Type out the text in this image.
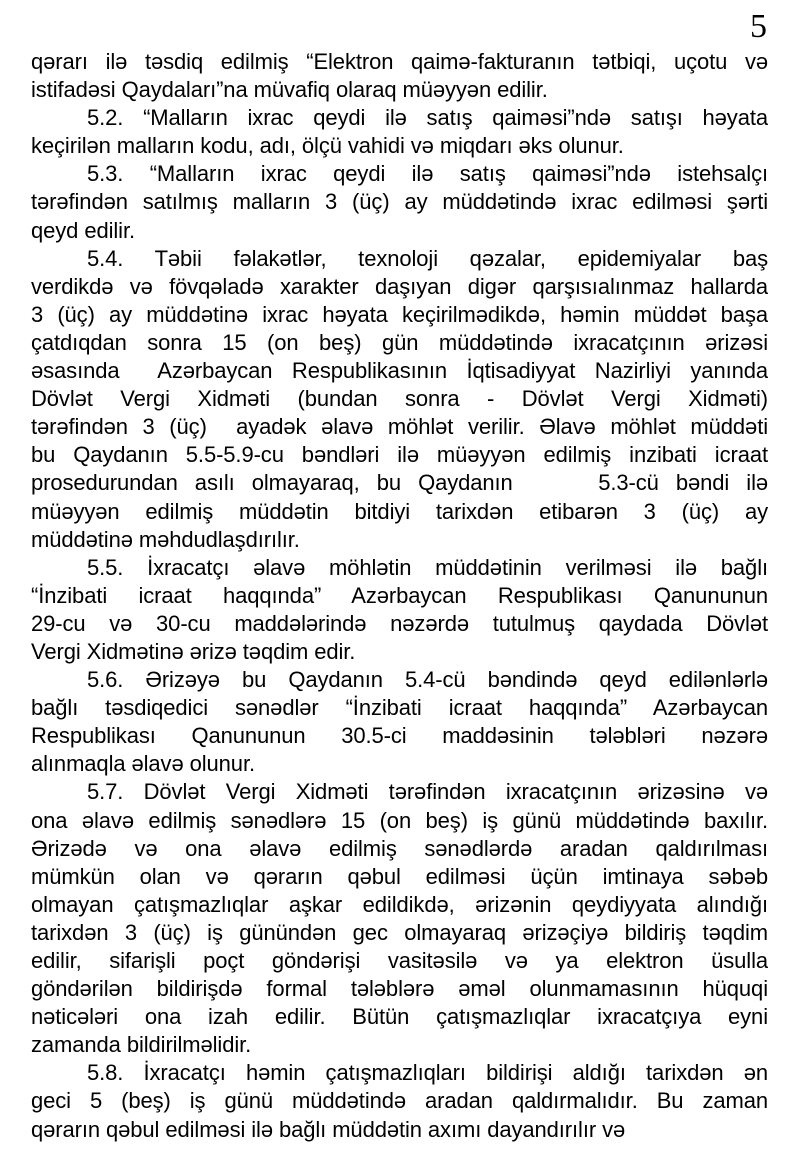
5
qərarı ilə təsdiq edilmiş “Elektron qaimə-fakturanın tətbiqi, uçotu və
istifadəsi Qaydaları”na müvafiq olaraq müəyyən edilir.
5.2. “Malların ixrac qeydi ilə satış qaiməsi”ndə satışı həyata
keçirilən malların kodu, adı, ölçü vahidi və miqdarı əks olunur.
5.3. “Malların ixrac qeydi ilə satış qaiməsi”ndə istehsalçı
tərəfindən satılmış malların 3 (üç) ay müddətində ixrac edilməsi şərti
qeyd edilir.
5.4. Təbii fəlakətlər, texnoloji qəzalar, epidemiyalar baş
verdikdə və fövqəladə xarakter daşıyan digər qarşısıalınmaz hallarda
3 (üç) ay müddətinə ixrac həyata keçirilmədikdə, həmin müddət başa
çatdıqdan sonra 15 (on beş) gün müddətində ixracatçının ərizəsi
əsasında  Azərbaycan Respublikasının İqtisadiyyat Nazirliyi yanında
Dövlət Vergi Xidməti (bundan sonra - Dövlət Vergi Xidməti)
tərəfindən 3 (üç)  ayadək əlavə möhlət verilir. Əlavə möhlət müddəti
bu Qaydanın 5.5-5.9-cu bəndləri ilə müəyyən edilmiş inzibati icraat
prosedurundan asılı olmayaraq, bu Qaydanın     5.3-cü bəndi ilə
müəyyən edilmiş müddətin bitdiyi tarixdən etibarən 3 (üç) ay
müddətinə məhdudlaşdırılır.
5.5. İxracatçı əlavə möhlətin müddətinin verilməsi ilə bağlı
“İnzibati icraat haqqında” Azərbaycan Respublikası Qanununun
29-cu və 30-cu maddələrində nəzərdə tutulmuş qaydada Dövlət
Vergi Xidmətinə ərizə təqdim edir.
5.6. Ərizəyə bu Qaydanın 5.4-cü bəndində qeyd edilənlərlə
bağlı təsdiqedici sənədlər “İnzibati icraat haqqında” Azərbaycan
Respublikası Qanununun 30.5-ci maddəsinin tələbləri nəzərə
alınmaqla əlavə olunur.
5.7. Dövlət Vergi Xidməti tərəfindən ixracatçının ərizəsinə və
ona əlavə edilmiş sənədlərə 15 (on beş) iş günü müddətində baxılır.
Ərizədə və ona əlavə edilmiş sənədlərdə aradan qaldırılması
mümkün olan və qərarın qəbul edilməsi üçün imtinaya səbəb
olmayan çatışmazlıqlar aşkar edildikdə, ərizənin qeydiyyata alındığı
tarixdən 3 (üç) iş günündən gec olmayaraq ərizəçiyə bildiriş təqdim
edilir, sifarişli poçt göndərişi vasitəsilə və ya elektron üsulla
göndərilən bildirişdə formal tələblərə əməl olunmamasının hüquqi
nəticələri ona izah edilir. Bütün çatışmazlıqlar ixracatçıya eyni
zamanda bildirilməlidir.
5.8. İxracatçı həmin çatışmazlıqları bildirişi aldığı tarixdən ən
geci 5 (beş) iş günü müddətində aradan qaldırmalıdır. Bu zaman
qərarın qəbul edilməsi ilə bağlı müddətin axımı dayandırılır və
